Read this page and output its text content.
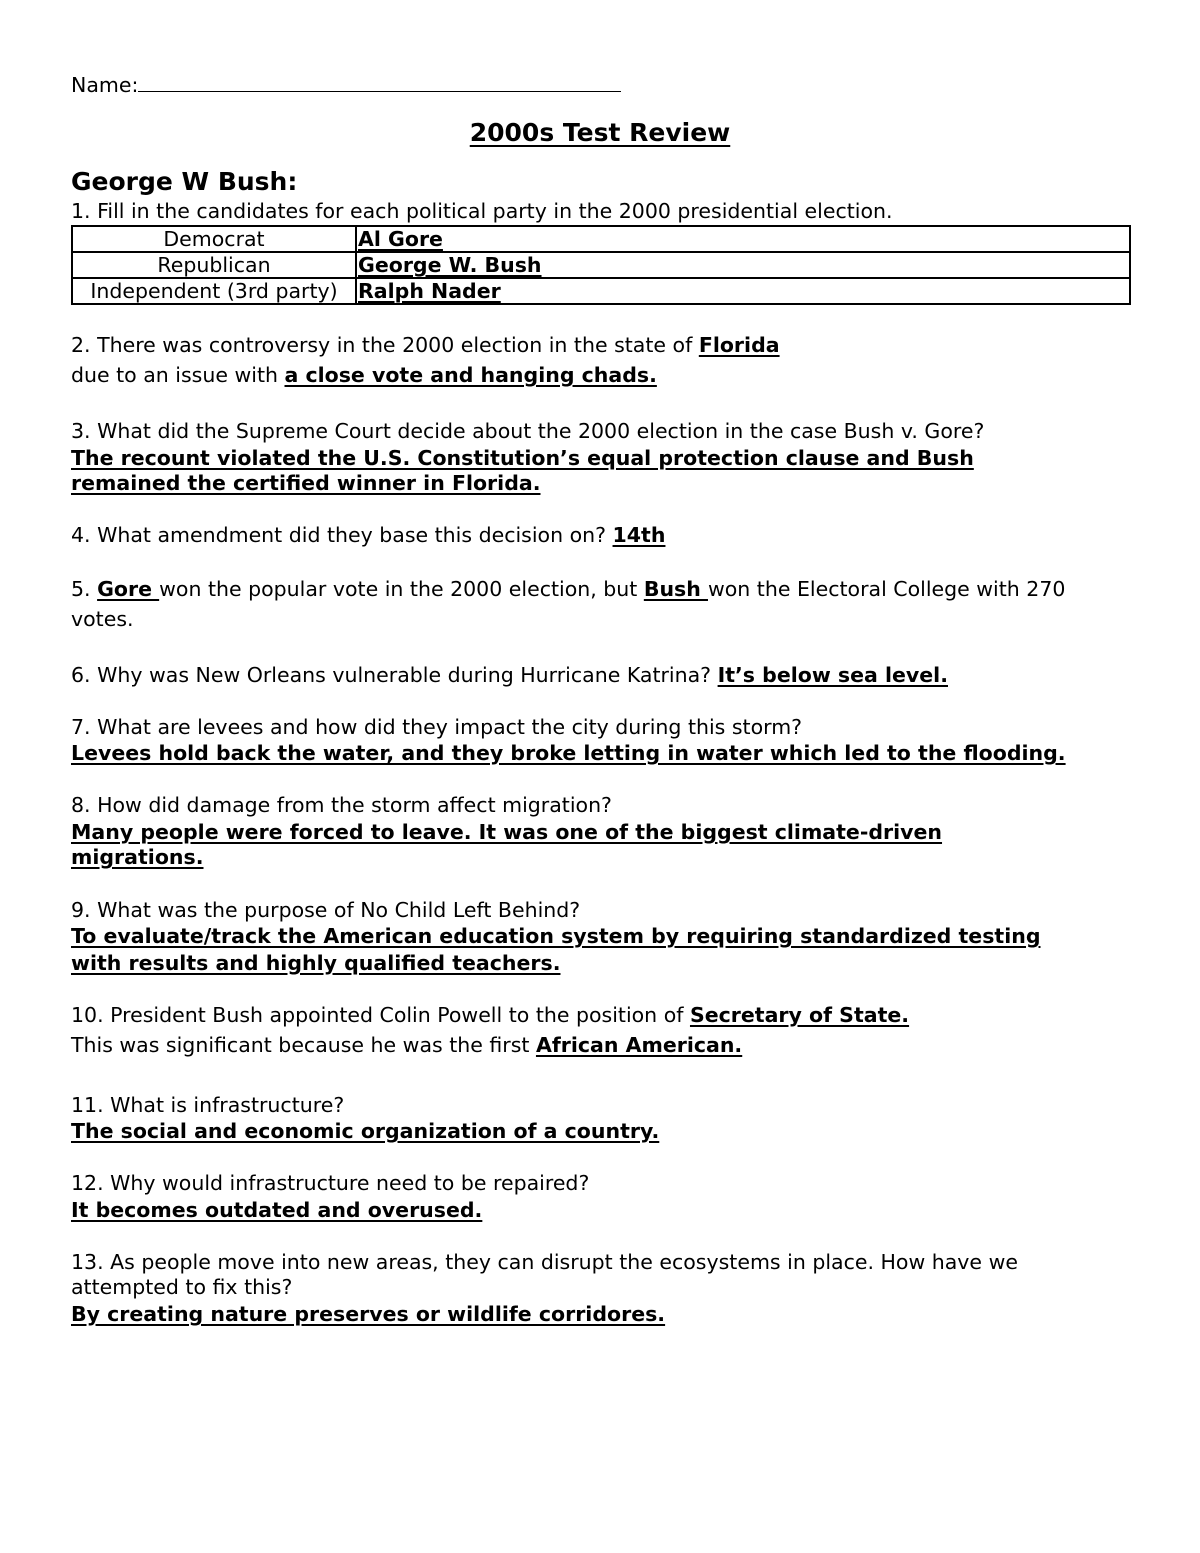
Name:
2000s Test Review
George W Bush:
1. Fill in the candidates for each political party in the 2000 presidential election.
Democrat	Al Gore
Republican	George W. Bush
Independent (3rd party)	Ralph Nader
2. There was controversy in the 2000 election in the state of Florida
due to an issue with a close vote and hanging chads.
3. What did the Supreme Court decide about the 2000 election in the case Bush v. Gore?
The recount violated the U.S. Constitution’s equal protection clause and Bush
remained the certified winner in Florida.
4. What amendment did they base this decision on? 14th
5. Gore won the popular vote in the 2000 election, but Bush won the Electoral College with 270
votes.
6. Why was New Orleans vulnerable during Hurricane Katrina? It’s below sea level.
7. What are levees and how did they impact the city during this storm?
Levees hold back the water, and they broke letting in water which led to the flooding.
8. How did damage from the storm affect migration?
Many people were forced to leave. It was one of the biggest climate-driven
migrations.
9. What was the purpose of No Child Left Behind?
To evaluate/track the American education system by requiring standardized testing
with results and highly qualified teachers.
10. President Bush appointed Colin Powell to the position of Secretary of State.
This was significant because he was the first African American.
11. What is infrastructure?
The social and economic organization of a country.
12. Why would infrastructure need to be repaired?
It becomes outdated and overused.
13. As people move into new areas, they can disrupt the ecosystems in place. How have we
attempted to fix this?
By creating nature preserves or wildlife corridores.
